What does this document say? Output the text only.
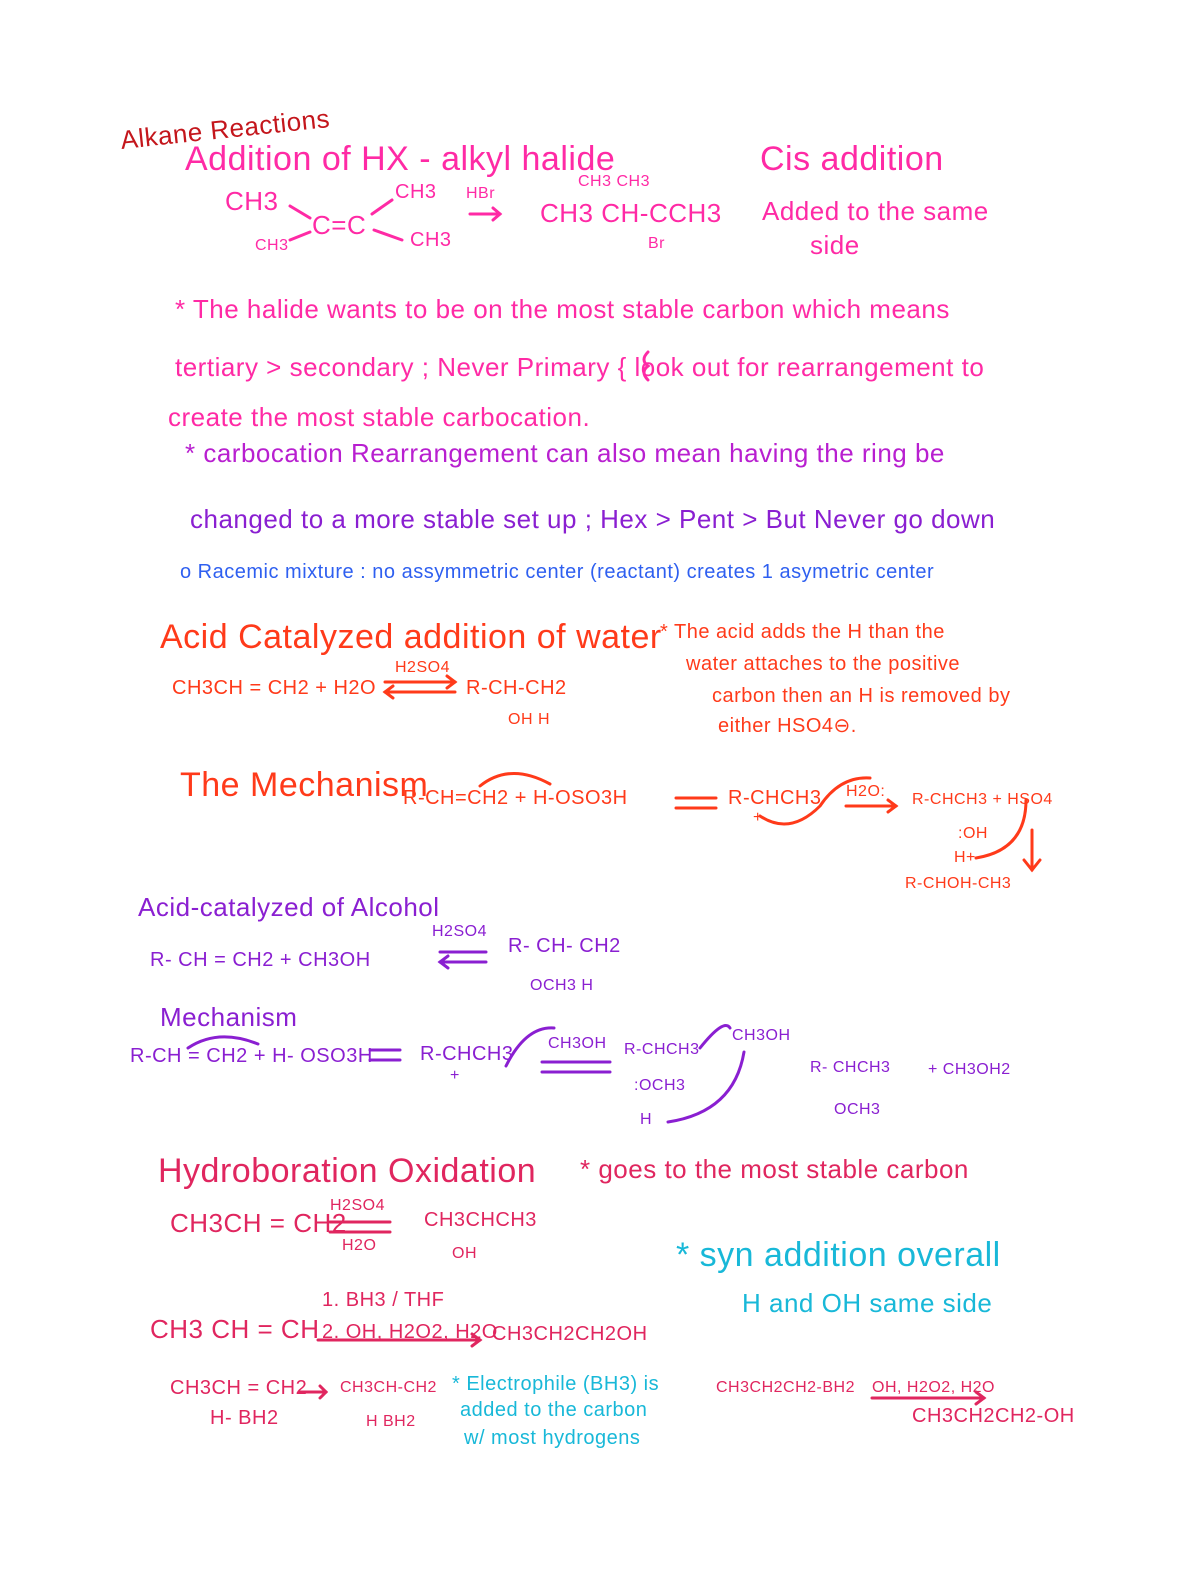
Alkane Reactions
Addition of HX - alkyl halide	Cis addition
CH3	CH3
C=C
CH3	CH3
HBr
CH3 CH3
CH3 CH-CCH3
Br
Added to the same
side
* The halide wants to be on the most stable carbon which means
tertiary > secondary ; Never Primary { look out for rearrangement to
create the most stable carbocation.
* carbocation Rearrangement can also mean having the ring be
changed to a more stable set up ; Hex > Pent > But Never go down
o Racemic mixture : no assymmetric center (reactant) creates 1 asymetric center
Acid Catalyzed addition of water
CH3CH = CH2 + H2O
H2SO4
R-CH-CH2
OH H
* The acid adds the H than the
water attaches to the positive
carbon then an H is removed by
either HSO4⊖.
The Mechanism
R-CH=CH2 + H-OSO3H	R-CHCH3
+
H2O: R-CHCH3 + HSO4
:OH
H+
R-CHOH-CH3
Acid-catalyzed of Alcohol
R- CH = CH2 + CH3OH
H2SO4
R- CH- CH2
OCH3 H
Mechanism
R-CH = CH2 + H- OSO3H R-CHCH3
+
CH3OH R-CHCH3
:OCH3
H
CH3OH
R- CHCH3
OCH3
+ CH3OH2
Hydroboration Oxidation * goes to the most stable carbon
CH3CH = CH2
H2SO4
H2O
CH3CHCH3
OH	* syn addition overall
H and OH same side
CH3 CH = CH
1. BH3 / THF
2. OH, H2O2, H2O
CH3CH2CH2OH
CH3CH = CH2
H- BH2
CH3CH-CH2
H BH2
* Electrophile (BH3) is
added to the carbon
w/ most hydrogens
CH3CH2CH2-BH2 OH, H2O2, H2O
CH3CH2CH2-OH
